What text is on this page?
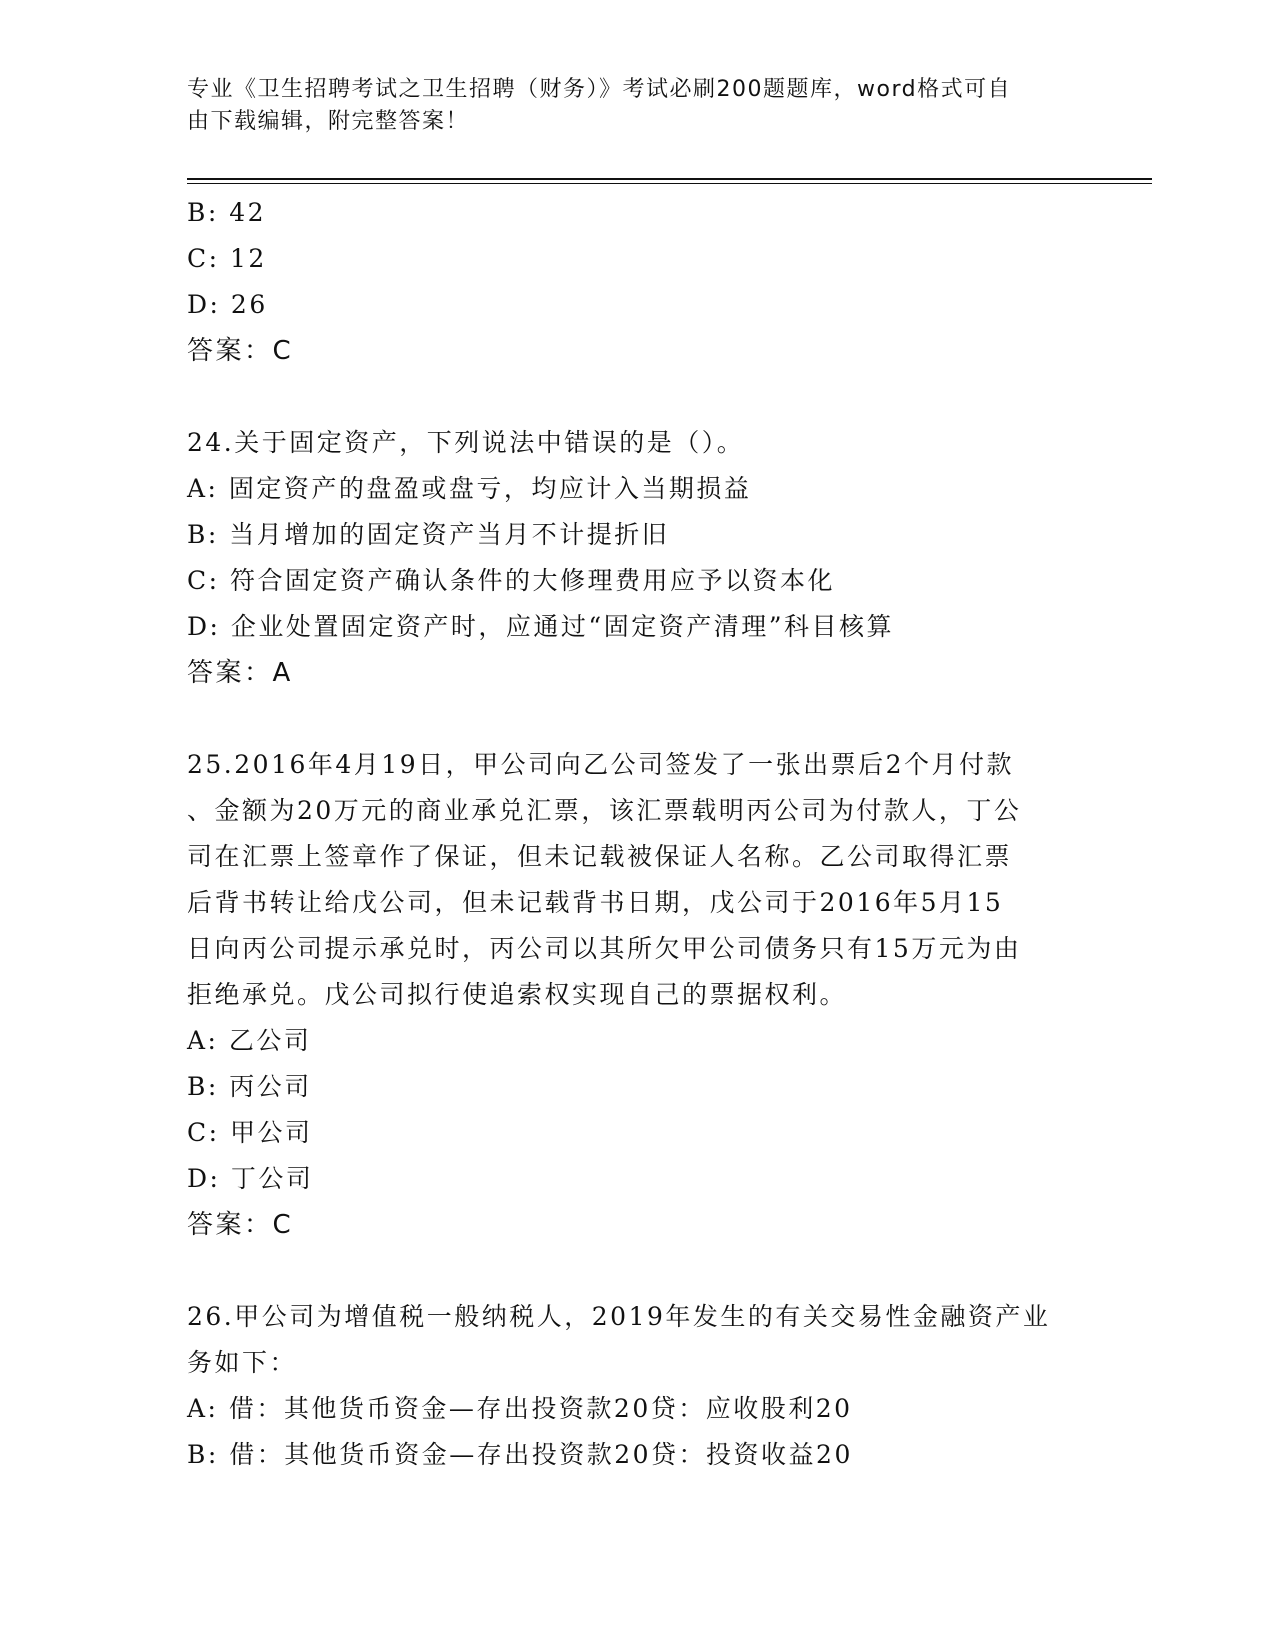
专业《卫生招聘考试之卫生招聘（财务）》考试必刷200题题库，word格式可自
由下载编辑，附完整答案！

B: 42

C: 12

D: 26

答案：C

24.关于固定资产，下列说法中错误的是（）。

A: 固定资产的盘盈或盘亏，均应计入当期损益

B: 当月增加的固定资产当月不计提折旧

C: 符合固定资产确认条件的大修理费用应予以资本化

D: 企业处置固定资产时，应通过“固定资产清理”科目核算

答案：A

25.2016年4月19日，甲公司向乙公司签发了一张出票后2个月付款

、金额为20万元的商业承兑汇票，该汇票载明丙公司为付款人，丁公

司在汇票上签章作了保证，但未记载被保证人名称。乙公司取得汇票

后背书转让给戊公司，但未记载背书日期，戊公司于2016年5月15

日向丙公司提示承兑时，丙公司以其所欠甲公司债务只有15万元为由

拒绝承兑。戊公司拟行使追索权实现自己的票据权利。

A: 乙公司

B: 丙公司

C: 甲公司

D: 丁公司

答案：C

26.甲公司为增值税一般纳税人，2019年发生的有关交易性金融资产业

务如下：

A: 借：其他货币资金—存出投资款20贷：应收股利20

B: 借：其他货币资金—存出投资款20贷：投资收益20
